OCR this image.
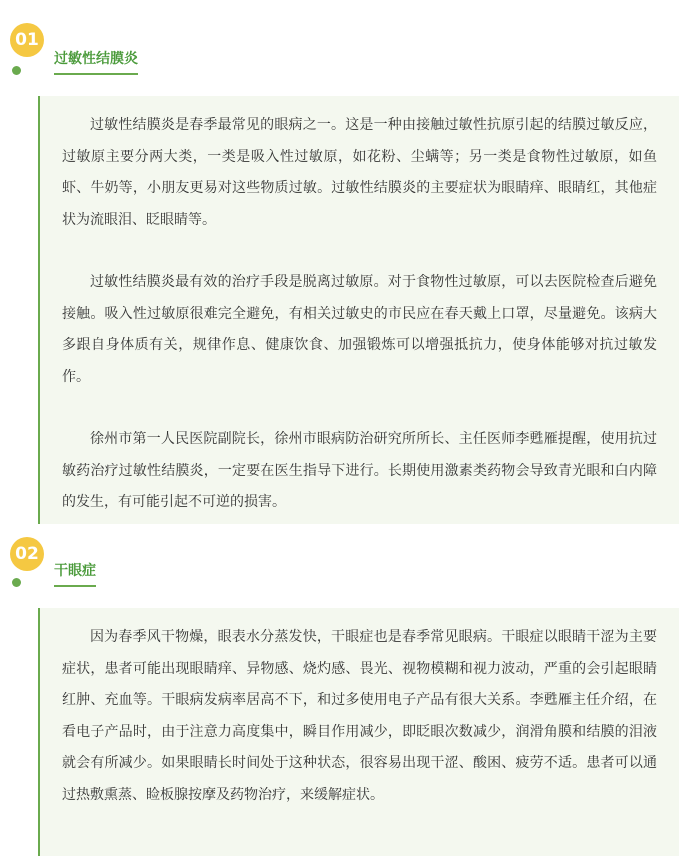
01
过敏性结膜炎

过敏性结膜炎是春季最常见的眼病之一。这是一种由接触过敏性抗原引起的结膜过敏反应，过敏原主要分两大类，一类是吸入性过敏原，如花粉、尘螨等；另一类是食物性过敏原，如鱼虾、牛奶等，小朋友更易对这些物质过敏。过敏性结膜炎的主要症状为眼睛痒、眼睛红，其他症状为流眼泪、眨眼睛等。

过敏性结膜炎最有效的治疗手段是脱离过敏原。对于食物性过敏原，可以去医院检查后避免接触。吸入性过敏原很难完全避免，有相关过敏史的市民应在春天戴上口罩，尽量避免。该病大多跟自身体质有关，规律作息、健康饮食、加强锻炼可以增强抵抗力，使身体能够对抗过敏发作。

徐州市第一人民医院副院长，徐州市眼病防治研究所所长、主任医师李甦雁提醒，使用抗过敏药治疗过敏性结膜炎，一定要在医生指导下进行。长期使用激素类药物会导致青光眼和白内障的发生，有可能引起不可逆的损害。

02
干眼症

因为春季风干物燥，眼表水分蒸发快，干眼症也是春季常见眼病。干眼症以眼睛干涩为主要症状，患者可能出现眼睛痒、异物感、烧灼感、畏光、视物模糊和视力波动，严重的会引起眼睛红肿、充血等。干眼病发病率居高不下，和过多使用电子产品有很大关系。李甦雁主任介绍，在看电子产品时，由于注意力高度集中，瞬目作用减少，即眨眼次数减少，润滑角膜和结膜的泪液就会有所减少。如果眼睛长时间处于这种状态，很容易出现干涩、酸困、疲劳不适。患者可以通过热敷熏蒸、睑板腺按摩及药物治疗，来缓解症状。
